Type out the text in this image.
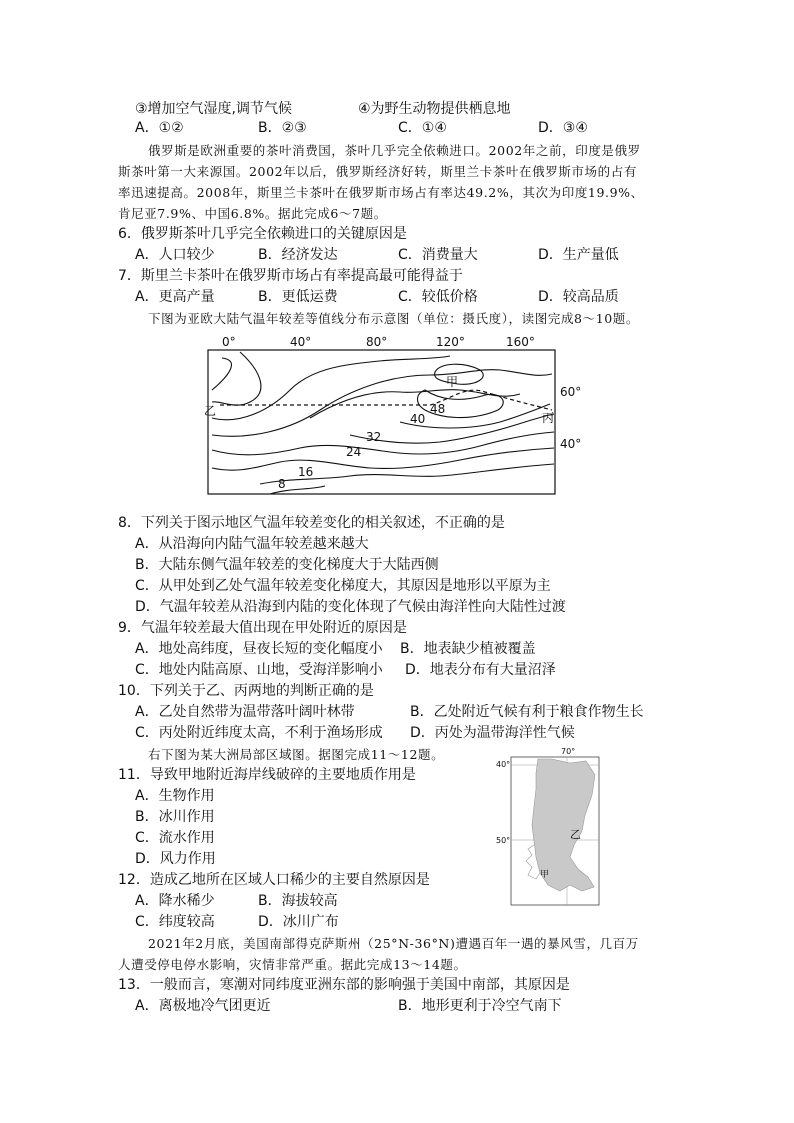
③增加空气湿度,调节气候	④为野生动物提供栖息地
A．①②	B．②③	C．①④	D．③④
俄罗斯是欧洲重要的茶叶消费国，茶叶几乎完全依赖进口。2002年之前，印度是俄罗
斯茶叶第一大来源国。2002年以后，俄罗斯经济好转，斯里兰卡茶叶在俄罗斯市场的占有
率迅速提高。2008年，斯里兰卡茶叶在俄罗斯市场占有率达49.2%，其次为印度19.9%、
肯尼亚7.9%、中国6.8%。据此完成6～7题。
6．俄罗斯茶叶几乎完全依赖进口的关键原因是
A．人口较少	B．经济发达	C．消费量大	D．生产量低
7．斯里兰卡茶叶在俄罗斯市场占有率提高最可能得益于
A．更高产量	B．更低运费	C．较低价格	D．较高品质
下图为亚欧大陆气温年较差等值线分布示意图（单位：摄氏度），读图完成8～10题。
0°	40°	80°	120°	160°
60°
40°
甲
乙	丙
48
40
32
24
16
8
8．下列关于图示地区气温年较差变化的相关叙述，不正确的是
A．从沿海向内陆气温年较差越来越大
B．大陆东侧气温年较差的变化梯度大于大陆西侧
C．从甲处到乙处气温年较差变化梯度大，其原因是地形以平原为主
D．气温年较差从沿海到内陆的变化体现了气候由海洋性向大陆性过渡
9．气温年较差最大值出现在甲处附近的原因是
A．地处高纬度，昼夜长短的变化幅度小 B．地表缺少植被覆盖
C．地处内陆高原、山地，受海洋影响小 D．地表分布有大量沼泽
10．下列关于乙、丙两地的判断正确的是
A．乙处自然带为温带落叶阔叶林带	B．乙处附近气候有利于粮食作物生长
C．丙处附近纬度太高，不利于渔场形成 D．丙处为温带海洋性气候
右下图为某大洲局部区域图。据图完成11～12题。
40°
50°
70°
乙
甲
11．导致甲地附近海岸线破碎的主要地质作用是
A．生物作用
B．冰川作用
C．流水作用
D．风力作用
12．造成乙地所在区域人口稀少的主要自然原因是
A．降水稀少	B．海拔较高
C．纬度较高	D．冰川广布
2021年2月底，美国南部得克萨斯州（25°N-36°N)遭遇百年一遇的暴风雪，几百万
人遭受停电停水影响，灾情非常严重。据此完成13～14题。
13．一般而言，寒潮对同纬度亚洲东部的影响强于美国中南部，其原因是
A．离极地冷气团更近	B．地形更利于冷空气南下
